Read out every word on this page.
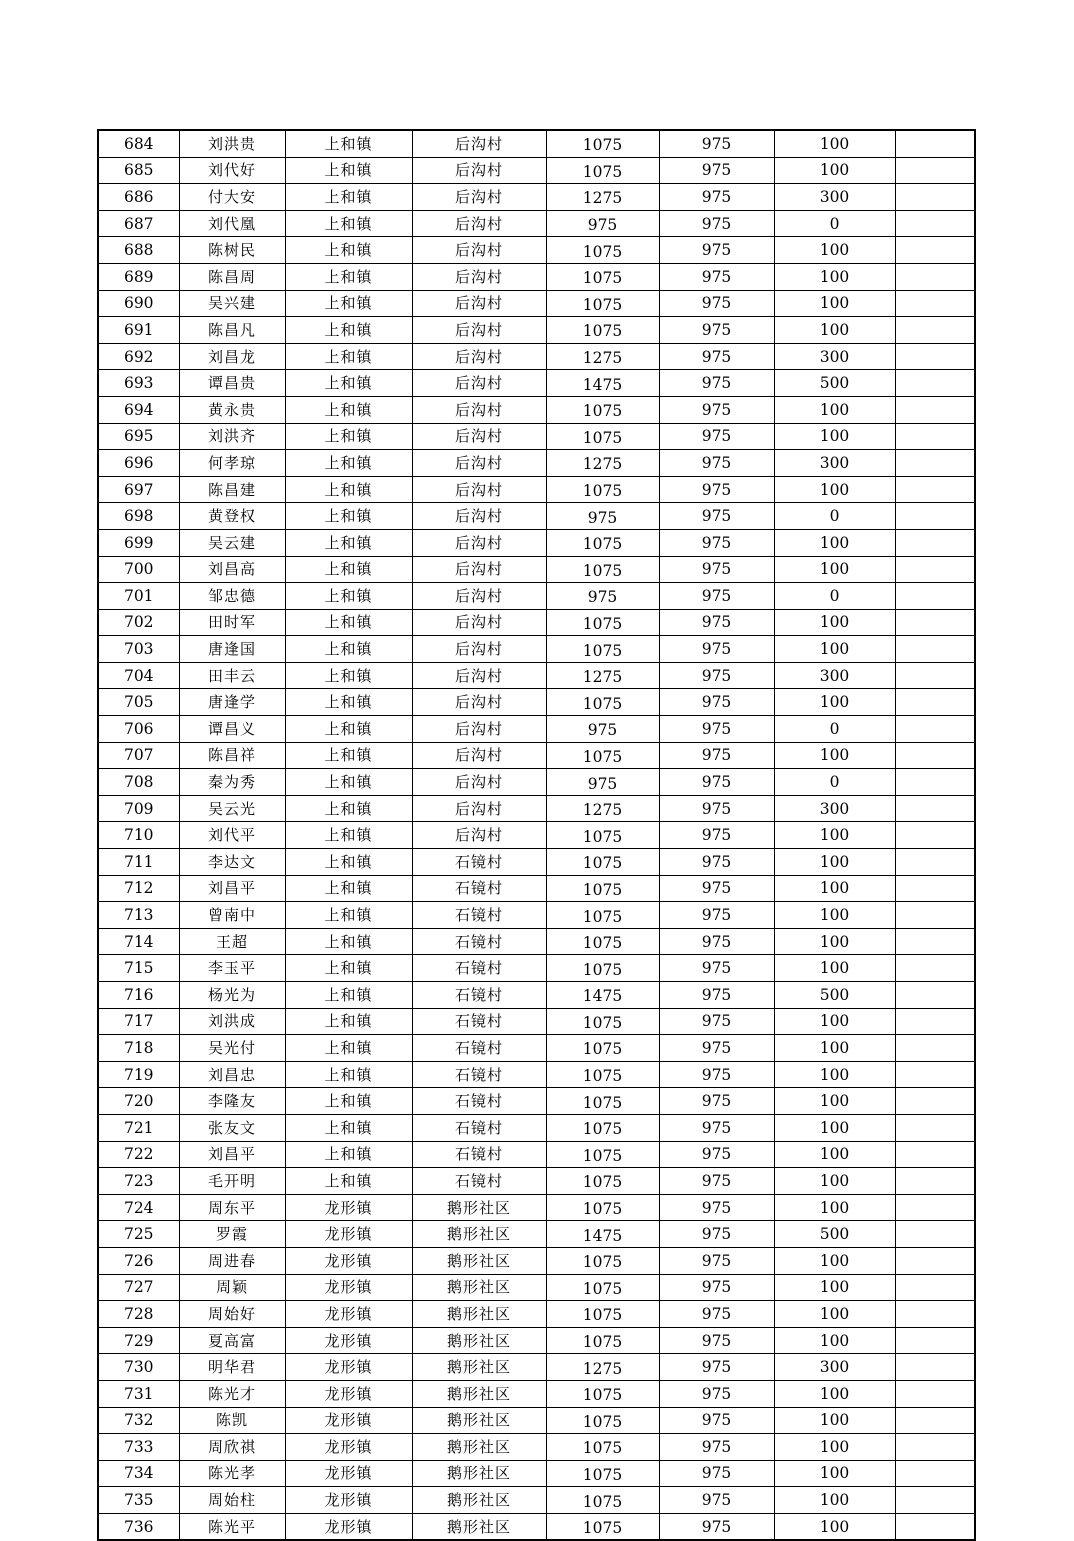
684	刘洪贵	上和镇	后沟村	1075	975	100	
685	刘代好	上和镇	后沟村	1075	975	100	
686	付大安	上和镇	后沟村	1275	975	300	
687	刘代凰	上和镇	后沟村	975	975	0	
688	陈树民	上和镇	后沟村	1075	975	100	
689	陈昌周	上和镇	后沟村	1075	975	100	
690	吴兴建	上和镇	后沟村	1075	975	100	
691	陈昌凡	上和镇	后沟村	1075	975	100	
692	刘昌龙	上和镇	后沟村	1275	975	300	
693	谭昌贵	上和镇	后沟村	1475	975	500	
694	黄永贵	上和镇	后沟村	1075	975	100	
695	刘洪齐	上和镇	后沟村	1075	975	100	
696	何孝琼	上和镇	后沟村	1275	975	300	
697	陈昌建	上和镇	后沟村	1075	975	100	
698	黄登权	上和镇	后沟村	975	975	0	
699	吴云建	上和镇	后沟村	1075	975	100	
700	刘昌高	上和镇	后沟村	1075	975	100	
701	邹忠德	上和镇	后沟村	975	975	0	
702	田时军	上和镇	后沟村	1075	975	100	
703	唐逢国	上和镇	后沟村	1075	975	100	
704	田丰云	上和镇	后沟村	1275	975	300	
705	唐逢学	上和镇	后沟村	1075	975	100	
706	谭昌义	上和镇	后沟村	975	975	0	
707	陈昌祥	上和镇	后沟村	1075	975	100	
708	秦为秀	上和镇	后沟村	975	975	0	
709	吴云光	上和镇	后沟村	1275	975	300	
710	刘代平	上和镇	后沟村	1075	975	100	
711	李达文	上和镇	石镜村	1075	975	100	
712	刘昌平	上和镇	石镜村	1075	975	100	
713	曾南中	上和镇	石镜村	1075	975	100	
714	王超	上和镇	石镜村	1075	975	100	
715	李玉平	上和镇	石镜村	1075	975	100	
716	杨光为	上和镇	石镜村	1475	975	500	
717	刘洪成	上和镇	石镜村	1075	975	100	
718	吴光付	上和镇	石镜村	1075	975	100	
719	刘昌忠	上和镇	石镜村	1075	975	100	
720	李隆友	上和镇	石镜村	1075	975	100	
721	张友文	上和镇	石镜村	1075	975	100	
722	刘昌平	上和镇	石镜村	1075	975	100	
723	毛开明	上和镇	石镜村	1075	975	100	
724	周东平	龙形镇	鹅形社区	1075	975	100	
725	罗霞	龙形镇	鹅形社区	1475	975	500	
726	周进春	龙形镇	鹅形社区	1075	975	100	
727	周颖	龙形镇	鹅形社区	1075	975	100	
728	周始好	龙形镇	鹅形社区	1075	975	100	
729	夏高富	龙形镇	鹅形社区	1075	975	100	
730	明华君	龙形镇	鹅形社区	1275	975	300	
731	陈光才	龙形镇	鹅形社区	1075	975	100	
732	陈凯	龙形镇	鹅形社区	1075	975	100	
733	周欣祺	龙形镇	鹅形社区	1075	975	100	
734	陈光孝	龙形镇	鹅形社区	1075	975	100	
735	周始柱	龙形镇	鹅形社区	1075	975	100	
736	陈光平	龙形镇	鹅形社区	1075	975	100	
